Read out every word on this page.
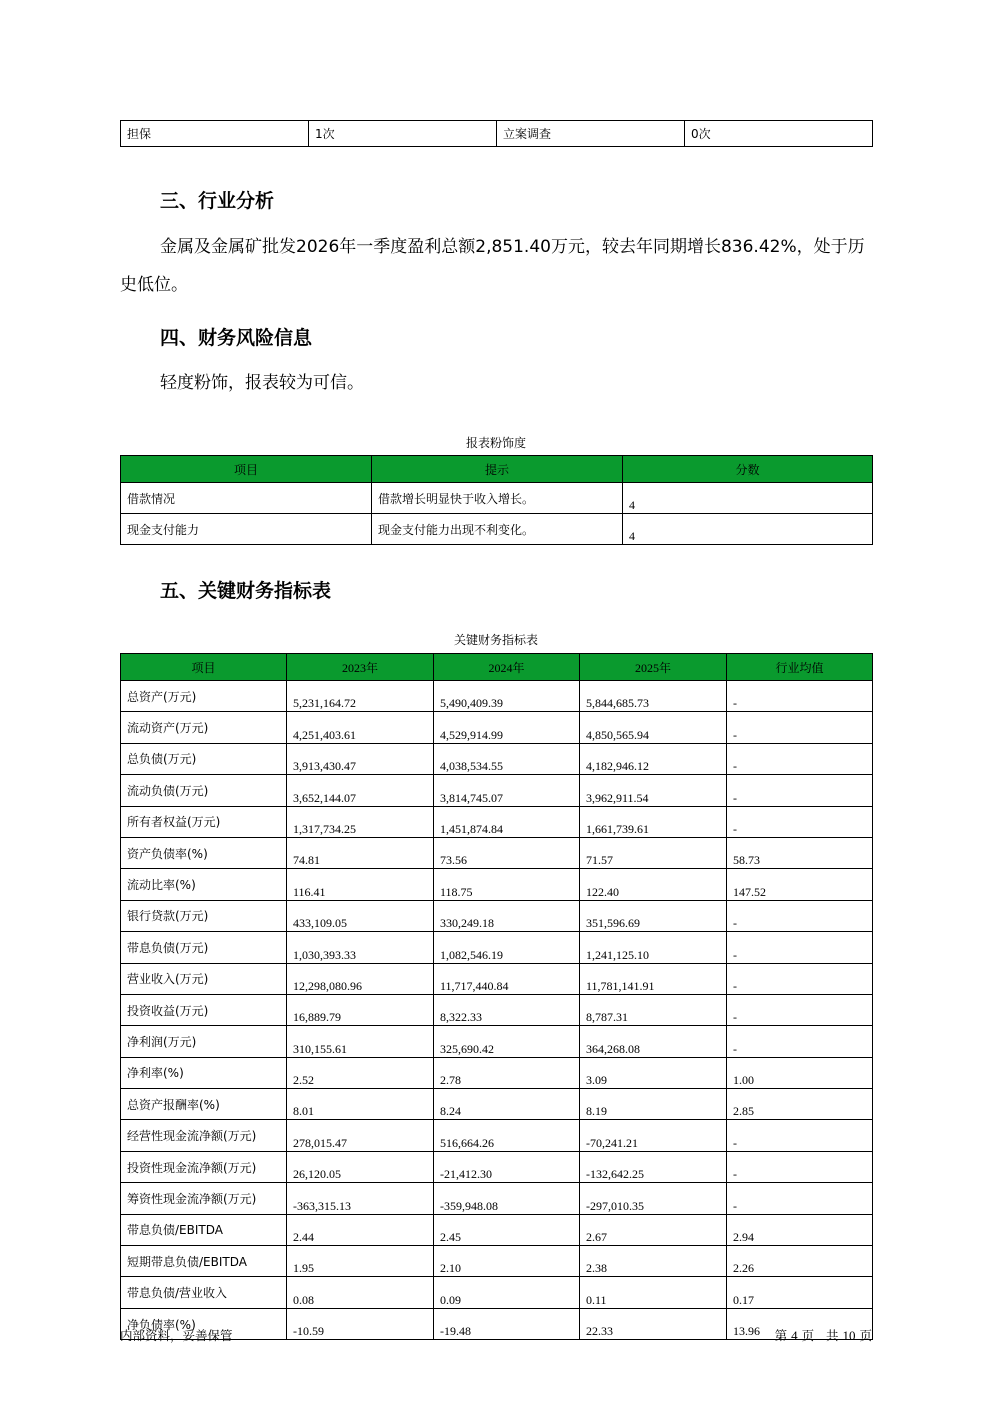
担保	1次	立案调查	0次
三、行业分析

金属及金属矿批发2026年一季度盈利总额2,851.40万元，较去年同期增长836.42%，处于历

史低位。

四、财务风险信息

轻度粉饰，报表较为可信。

报表粉饰度

项目	提示	分数
借款情况	借款增长明显快于收入增长。	4
现金支付能力	现金支付能力出现不利变化。	4
五、关键财务指标表

关键财务指标表

项目	2023年	2024年	2025年	行业均值
总资产(万元)	5,231,164.72	5,490,409.39	5,844,685.73	-
流动资产(万元)	4,251,403.61	4,529,914.99	4,850,565.94	-
总负债(万元)	3,913,430.47	4,038,534.55	4,182,946.12	-
流动负债(万元)	3,652,144.07	3,814,745.07	3,962,911.54	-
所有者权益(万元)	1,317,734.25	1,451,874.84	1,661,739.61	-
资产负债率(%)	74.81	73.56	71.57	58.73
流动比率(%)	116.41	118.75	122.40	147.52
银行贷款(万元)	433,109.05	330,249.18	351,596.69	-
带息负债(万元)	1,030,393.33	1,082,546.19	1,241,125.10	-
营业收入(万元)	12,298,080.96	11,717,440.84	11,781,141.91	-
投资收益(万元)	16,889.79	8,322.33	8,787.31	-
净利润(万元)	310,155.61	325,690.42	364,268.08	-
净利率(%)	2.52	2.78	3.09	1.00
总资产报酬率(%)	8.01	8.24	8.19	2.85
经营性现金流净额(万元)	278,015.47	516,664.26	-70,241.21	-
投资性现金流净额(万元)	26,120.05	-21,412.30	-132,642.25	-
筹资性现金流净额(万元)	-363,315.13	-359,948.08	-297,010.35	-
带息负债/EBITDA	2.44	2.45	2.67	2.94
短期带息负债/EBITDA	1.95	2.10	2.38	2.26
带息负债/营业收入	0.08	0.09	0.11	0.17
净负债率(%)	-10.59	-19.48	22.33	13.96
内部资料，妥善保管	第 4 页   共 10 页
